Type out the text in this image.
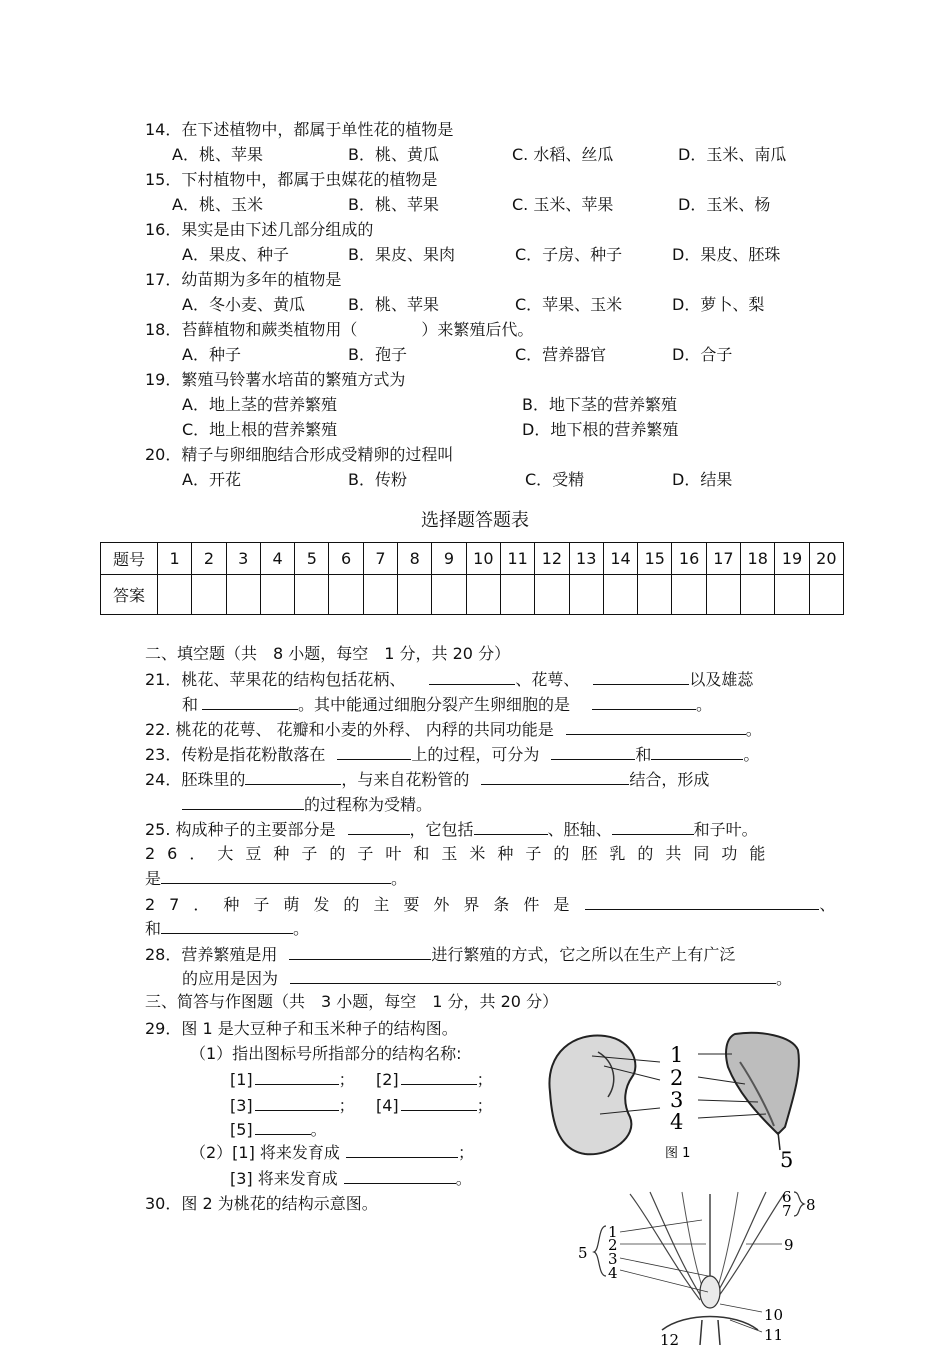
14．在下述植物中，都属于单性花的植物是
A．桃、苹果	B．桃、黄瓜	C. 水稻、丝瓜	D．玉米、南瓜
15．下村植物中，都属于虫媒花的植物是
A．桃、玉米	B．桃、苹果	C. 玉米、苹果	D．玉米、杨
16．果实是由下述几部分组成的
A．果皮、种子	B．果皮、果肉	C．子房、种子	D．果皮、胚珠
17．幼苗期为多年的植物是
A．冬小麦、黄瓜	B．桃、苹果	C．苹果、玉米	D．萝卜、梨
18．苔藓植物和蕨类植物用（　　　　）来繁殖后代。
A．种子	B．孢子	C．营养器官	D．合子
19．繁殖马铃薯水培苗的繁殖方式为
A．地上茎的营养繁殖	B．地下茎的营养繁殖
C．地上根的营养繁殖	D．地下根的营养繁殖
20．精子与卵细胞结合形成受精卵的过程叫
A．开花	B．传粉	C．受精	D．结果
选择题答题表
题号	1	2	3	4	5	6	7	8	9	10	11	12	13	14	15	16	17	18	19	20
答案																				
二、填空题（共　8 小题，每空　1 分，共 20 分）
21．桃花、苹果花的结构包括花柄、	、花萼、	以及雄蕊
和	。其中能通过细胞分裂产生卵细胞的是	。
22. 桃花的花萼、 花瓣和小麦的外稃、 内稃的共同功能是	。
23．传粉是指花粉散落在	上的过程，可分为	和	。
24．胚珠里的	，与来自花粉管的	结合，形成
的过程称为受精。
25. 构成种子的主要部分是	，它包括	、胚轴、	和子叶。
26．大豆种子的子叶和玉米种子的胚乳的共同功能
是	。
27．种子萌发的主要外界条件是	、
和	。
28．营养繁殖是用	进行繁殖的方式，它之所以在生产上有广泛
的应用是因为	。
三、简答与作图题（共　3 小题，每空　1 分，共 20 分）
29．图 1 是大豆种子和玉米种子的结构图。
（1）指出图标号所指部分的结构名称:
[1]	； [2]	；
[3]	； [4]	；
[5]	。
（2）[1] 将来发育成	；
[3] 将来发育成	。
30．图 2 为桃花的结构示意图。
1
2
3
4
5
图 1
1
2
3
4
5
6
7 8
9
10
11
12
